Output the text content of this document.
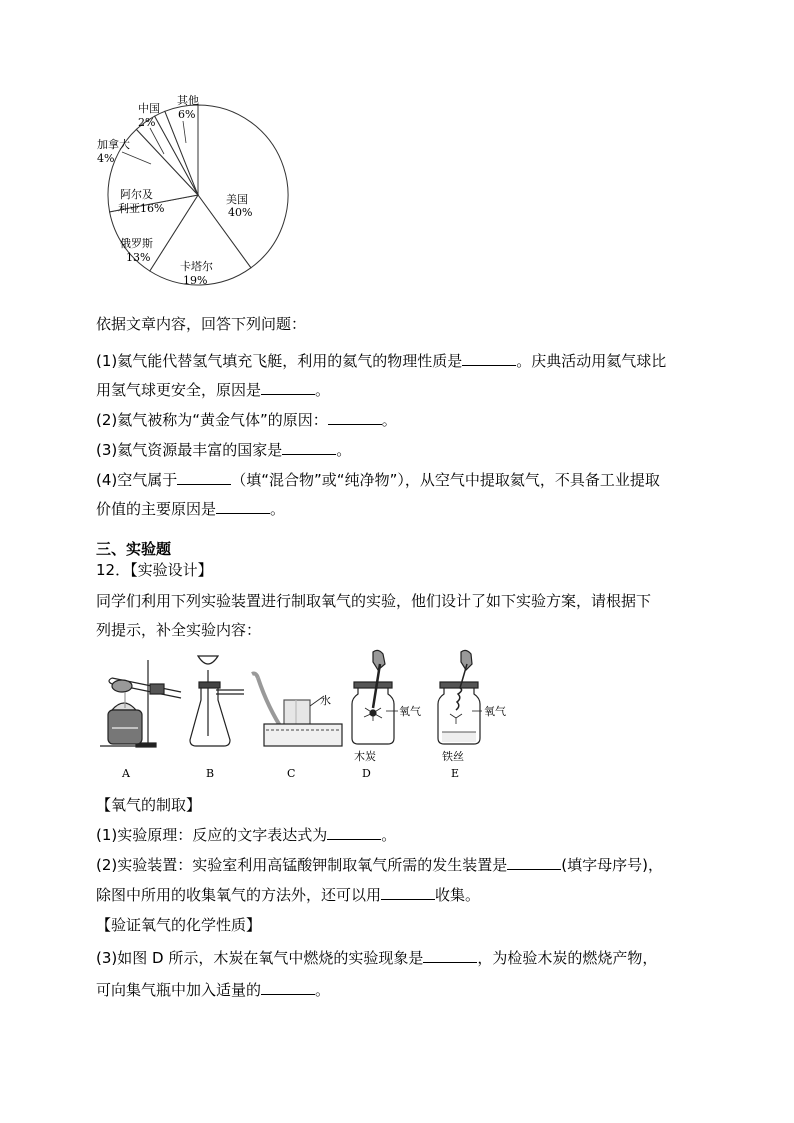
美国
40%
卡塔尔
19%
俄罗斯
13%
阿尔及
利亚16%
加拿大
4%
中国
2%
其他
6%
依据文章内容，回答下列问题：
(1)氦气能代替氢气填充飞艇，利用的氦气的物理性质是	。庆典活动用氦气球比
用氢气球更安全，原因是	。
(2)氦气被称为“黄金气体”的原因：	。
(3)氦气资源最丰富的国家是	。
(4)空气属于	（填“混合物”或“纯净物”），从空气中提取氦气，不具备工业提取
价值的主要原因是	。
三、实验题
12．【实验设计】
同学们利用下列实验装置进行制取氧气的实验，他们设计了如下实验方案，请根据下
列提示，补全实验内容：
水
氧气	氧气
木炭	铁丝
A	B	C	D	E
【氧气的制取】
(1)实验原理：反应的文字表达式为	。
(2)实验装置：实验室利用高锰酸钾制取氧气所需的发生装置是	(填字母序号)，
除图中所用的收集氧气的方法外，还可以用	收集。
【验证氧气的化学性质】
(3)如图 D 所示，木炭在氧气中燃烧的实验现象是	，为检验木炭的燃烧产物，
可向集气瓶中加入适量的	。
